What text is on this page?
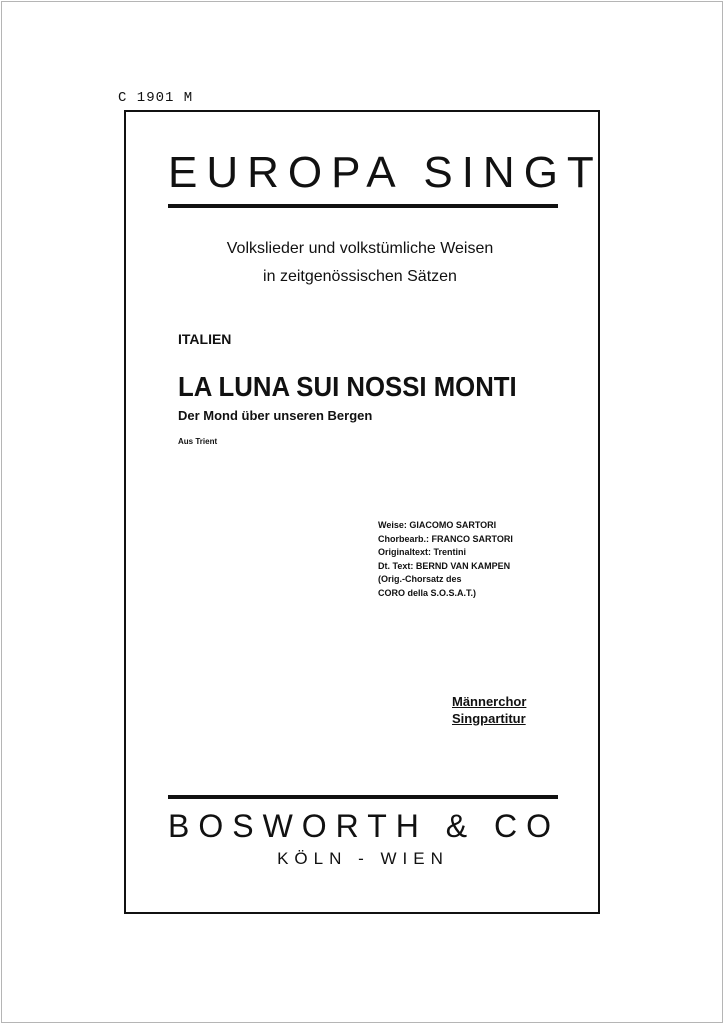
C 1901 M
EUROPA SINGT
Volkslieder und volkstümliche Weisen
in zeitgenössischen Sätzen
ITALIEN
LA LUNA SUI NOSSI MONTI
Der Mond über unseren Bergen
Aus Trient
Weise: GIACOMO SARTORI
Chorbearb.: FRANCO SARTORI
Originaltext: Trentini
Dt. Text: BERND VAN KAMPEN
(Orig.-Chorsatz des
CORO della S.O.S.A.T.)
Männerchor
Singpartitur
BOSWORTH & CO
KÖLN - WIEN
